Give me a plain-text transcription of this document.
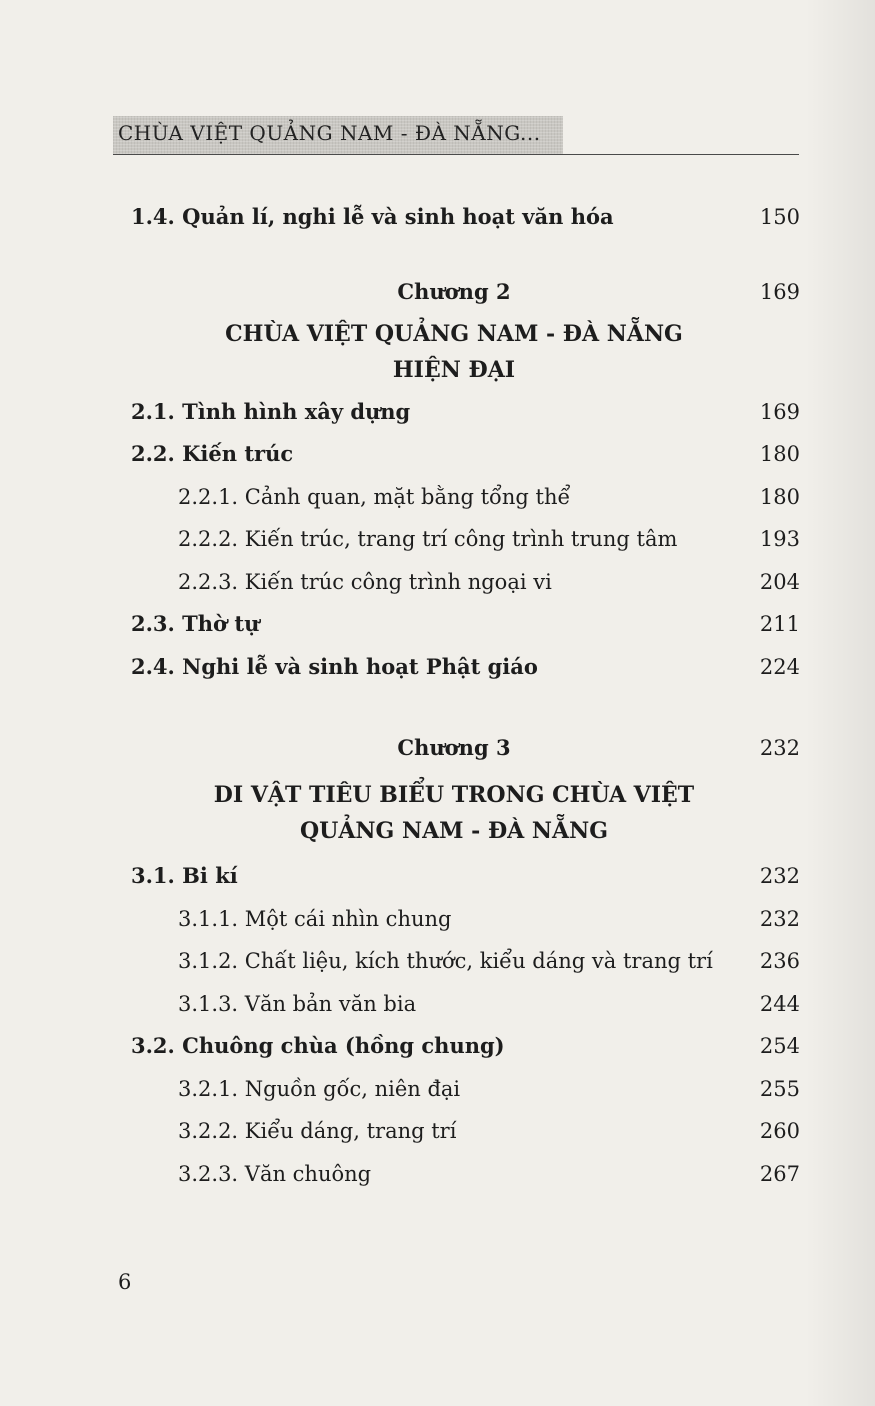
CHÙA VIỆT QUẢNG NAM - ĐÀ NẴNG...
1.4. Quản lí, nghi lễ và sinh hoạt văn hóa	150
Chương 2	169
CHÙA VIỆT QUẢNG NAM - ĐÀ NẴNG
HIỆN ĐẠI
2.1. Tình hình xây dựng	169
2.2. Kiến trúc	180
2.2.1. Cảnh quan, mặt bằng tổng thể	180
2.2.2. Kiến trúc, trang trí công trình trung tâm	193
2.2.3. Kiến trúc công trình ngoại vi	204
2.3. Thờ tự	211
2.4. Nghi lễ và sinh hoạt Phật giáo	224
Chương 3	232
DI VẬT TIÊU BIỂU TRONG CHÙA VIỆT
QUẢNG NAM - ĐÀ NẴNG
3.1. Bi kí	232
3.1.1. Một cái nhìn chung	232
3.1.2. Chất liệu, kích thước, kiểu dáng và trang trí 236
3.1.3. Văn bản văn bia	244
3.2. Chuông chùa (hồng chung)	254
3.2.1. Nguồn gốc, niên đại	255
3.2.2. Kiểu dáng, trang trí	260
3.2.3. Văn chuông	267
6
